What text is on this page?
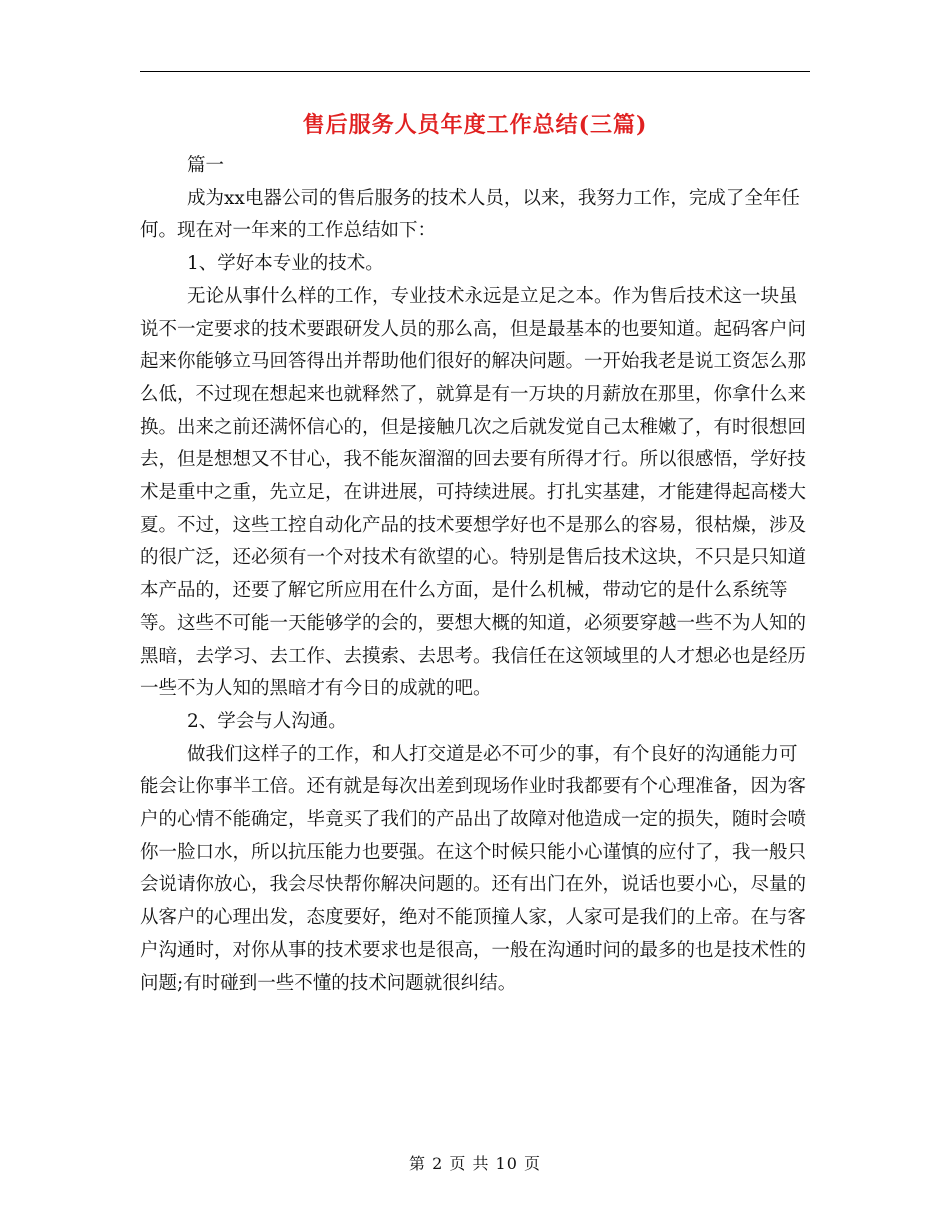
售后服务人员年度工作总结(三篇)

篇一

成为xx电器公司的售后服务的技术人员，以来，我努力工作，完成了全年任何。现在对一年来的工作总结如下：

1、学好本专业的技术。

无论从事什么样的工作，专业技术永远是立足之本。作为售后技术这一块虽说不一定要求的技术要跟研发人员的那么高，但是最基本的也要知道。起码客户问起来你能够立马回答得出并帮助他们很好的解决问题。一开始我老是说工资怎么那么低，不过现在想起来也就释然了，就算是有一万块的月薪放在那里，你拿什么来换。出来之前还满怀信心的，但是接触几次之后就发觉自己太稚嫩了，有时很想回去，但是想想又不甘心，我不能灰溜溜的回去要有所得才行。所以很感悟，学好技术是重中之重，先立足，在讲进展，可持续进展。打扎实基建，才能建得起高楼大夏。不过，这些工控自动化产品的技术要想学好也不是那么的容易，很枯燥，涉及的很广泛，还必须有一个对技术有欲望的心。特别是售后技术这块，不只是只知道本产品的，还要了解它所应用在什么方面，是什么机械，带动它的是什么系统等等。这些不可能一天能够学的会的，要想大概的知道，必须要穿越一些不为人知的黑暗，去学习、去工作、去摸索、去思考。我信任在这领域里的人才想必也是经历一些不为人知的黑暗才有今日的成就的吧。

2、学会与人沟通。

做我们这样子的工作，和人打交道是必不可少的事，有个良好的沟通能力可能会让你事半工倍。还有就是每次出差到现场作业时我都要有个心理准备，因为客户的心情不能确定，毕竟买了我们的产品出了故障对他造成一定的损失，随时会喷你一脸口水，所以抗压能力也要强。在这个时候只能小心谨慎的应付了，我一般只会说请你放心，我会尽快帮你解决问题的。还有出门在外，说话也要小心，尽量的从客户的心理出发，态度要好，绝对不能顶撞人家，人家可是我们的上帝。在与客户沟通时，对你从事的技术要求也是很高，一般在沟通时问的最多的也是技术性的问题;有时碰到一些不懂的技术问题就很纠结。

第 2 页 共 10 页
